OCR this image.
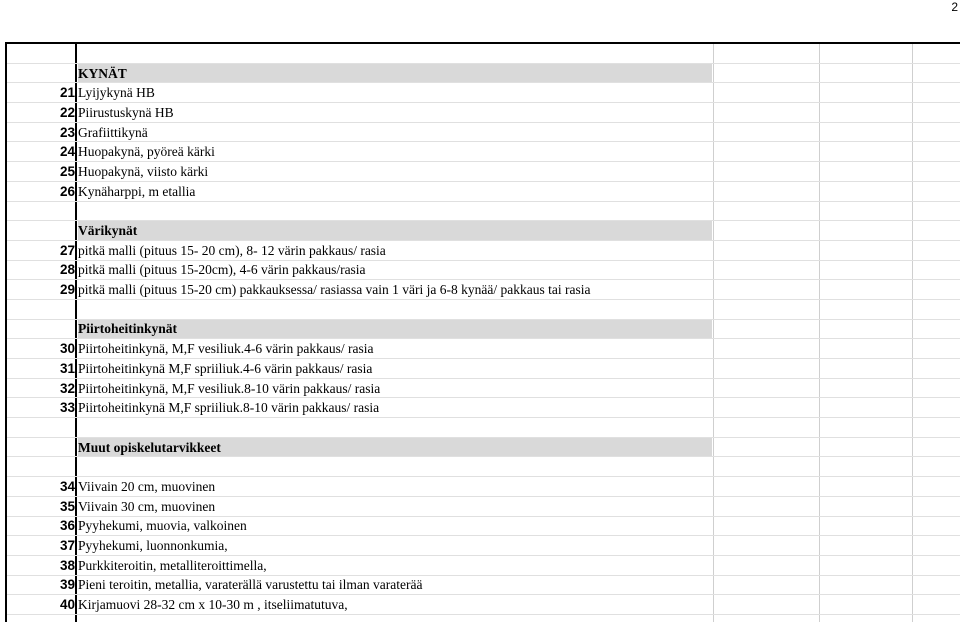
2
KYNÄT
21 Lyijykynä HB
22 Piirustuskynä HB
23 Grafiittikynä
24 Huopakynä, pyöreä kärki
25 Huopakynä, viisto kärki
26 Kynäharppi, m etallia
Värikynät
27 pitkä malli (pituus 15- 20 cm), 8- 12 värin pakkaus/ rasia
28 pitkä malli (pituus 15-20cm), 4-6 värin pakkaus/rasia
29 pitkä malli (pituus 15-20 cm) pakkauksessa/ rasiassa vain 1 väri ja 6-8 kynää/ pakkaus tai rasia
Piirtoheitinkynät
30 Piirtoheitinkynä, M,F vesiliuk.4-6 värin pakkaus/ rasia
31 Piirtoheitinkynä M,F spriiliuk.4-6 värin pakkaus/ rasia
32 Piirtoheitinkynä, M,F vesiliuk.8-10 värin pakkaus/ rasia
33 Piirtoheitinkynä M,F spriiliuk.8-10 värin pakkaus/ rasia
Muut opiskelutarvikkeet
34 Viivain 20 cm, muovinen
35 Viivain 30 cm, muovinen
36 Pyyhekumi, muovia, valkoinen
37 Pyyhekumi, luonnonkumia,
38 Purkkiteroitin, metalliteroittimella,
39 Pieni teroitin, metallia, varaterällä varustettu tai ilman varaterää
40 Kirjamuovi 28-32 cm x 10-30 m , itseliimatutuva,
